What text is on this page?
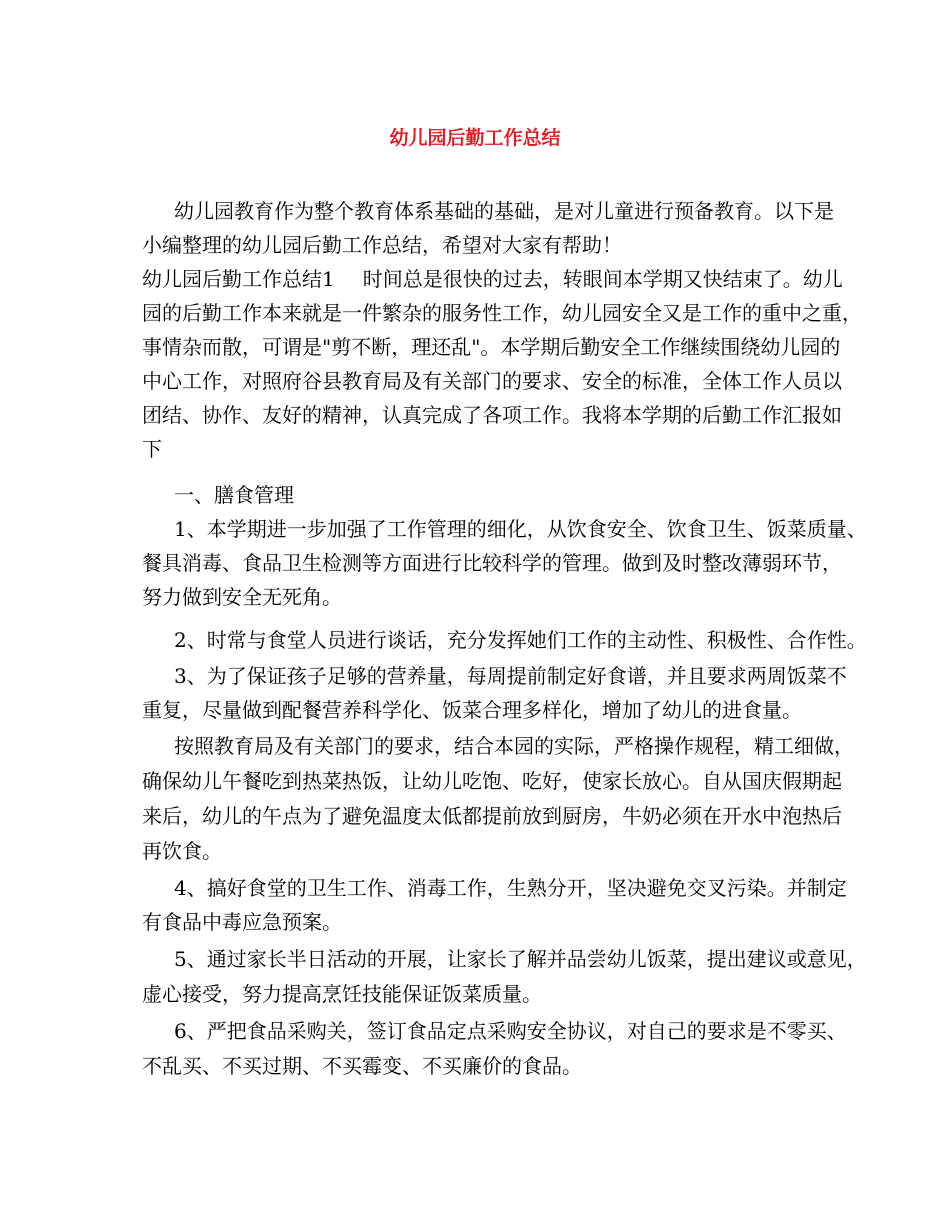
幼儿园后勤工作总结
幼儿园教育作为整个教育体系基础的基础，是对儿童进行预备教育。以下是
小编整理的幼儿园后勤工作总结，希望对大家有帮助！
幼儿园后勤工作总结1 时间总是很快的过去，转眼间本学期又快结束了。幼儿
园的后勤工作本来就是一件繁杂的服务性工作，幼儿园安全又是工作的重中之重，
事情杂而散，可谓是"剪不断，理还乱"。本学期后勤安全工作继续围绕幼儿园的
中心工作，对照府谷县教育局及有关部门的要求、安全的标准，全体工作人员以
团结、协作、友好的精神，认真完成了各项工作。我将本学期的后勤工作汇报如
下
一、膳食管理
1、本学期进一步加强了工作管理的细化，从饮食安全、饮食卫生、饭菜质量、
餐具消毒、食品卫生检测等方面进行比较科学的管理。做到及时整改薄弱环节，
努力做到安全无死角。
2、时常与食堂人员进行谈话，充分发挥她们工作的主动性、积极性、合作性。
3、为了保证孩子足够的营养量，每周提前制定好食谱，并且要求两周饭菜不
重复，尽量做到配餐营养科学化、饭菜合理多样化，增加了幼儿的进食量。
按照教育局及有关部门的要求，结合本园的实际，严格操作规程，精工细做，
确保幼儿午餐吃到热菜热饭，让幼儿吃饱、吃好，使家长放心。自从国庆假期起
来后，幼儿的午点为了避免温度太低都提前放到厨房，牛奶必须在开水中泡热后
再饮食。
4、搞好食堂的卫生工作、消毒工作，生熟分开，坚决避免交叉污染。并制定
有食品中毒应急预案。
5、通过家长半日活动的开展，让家长了解并品尝幼儿饭菜，提出建议或意见，
虚心接受，努力提高烹饪技能保证饭菜质量。
6、严把食品采购关，签订食品定点采购安全协议，对自己的要求是不零买、
不乱买、不买过期、不买霉变、不买廉价的食品。
